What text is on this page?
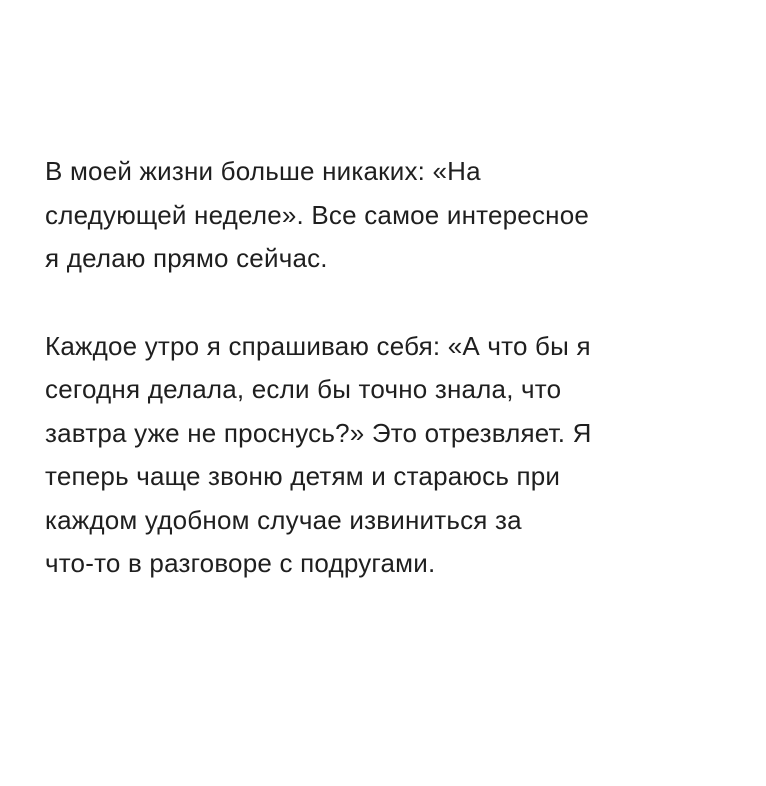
В моей жизни больше никаких: «На
следующей неделе». Все самое интересное
я делаю прямо сейчас.

Каждое утро я спрашиваю себя: «А что бы я
сегодня делала, если бы точно знала, что
завтра уже не проснусь?» Это отрезвляет. Я
теперь чаще звоню детям и стараюсь при
каждом удобном случае извиниться за
что-то в разговоре с подругами.
